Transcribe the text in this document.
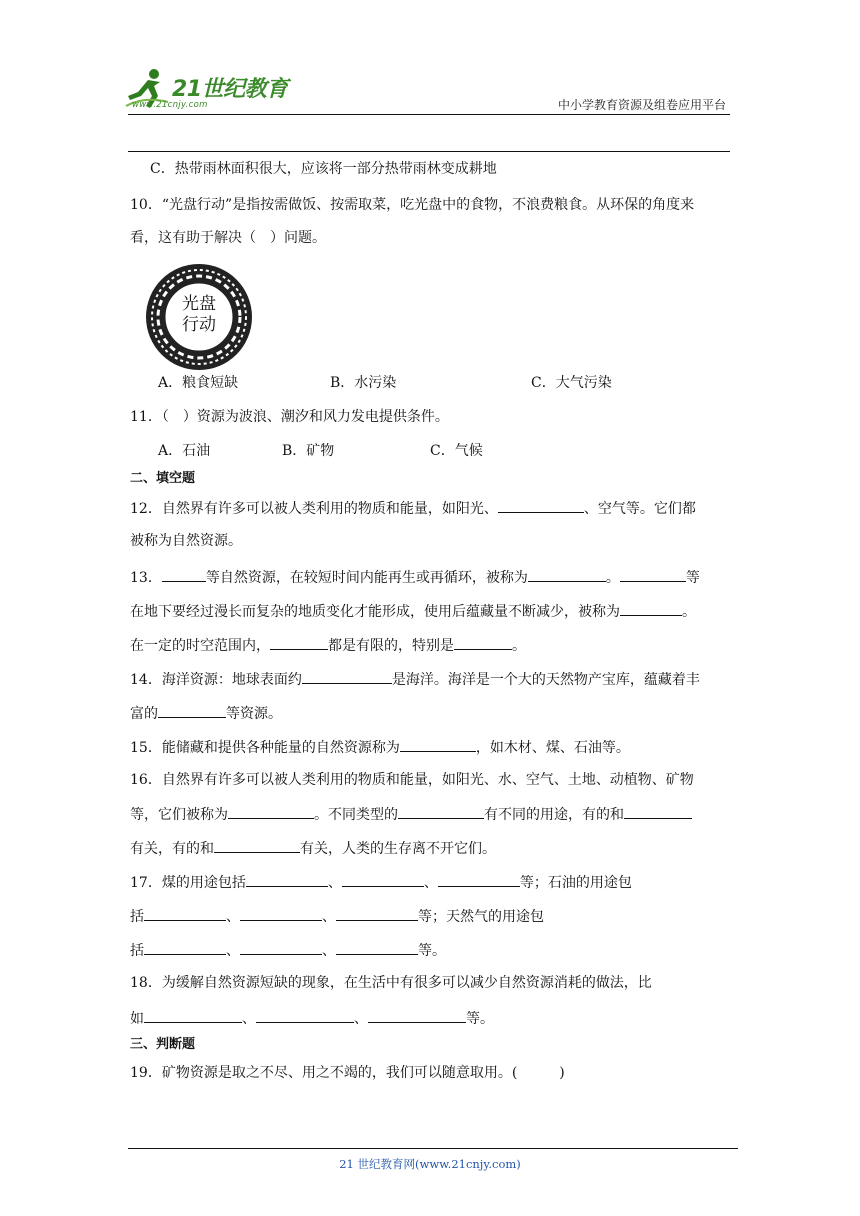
21世纪教育
www.21cnjy.com	中小学教育资源及组卷应用平台
C．热带雨林面积很大，应该将一部分热带雨林变成耕地
10．“光盘行动”是指按需做饭、按需取菜，吃光盘中的食物，不浪费粮食。从环保的角度来
看，这有助于解决（　）问题。
光盘
行动
A．粮食短缺	B．水污染	C．大气污染
11．（　）资源为波浪、潮汐和风力发电提供条件。
A．石油	B．矿物	C．气候
二、填空题
12．自然界有许多可以被人类利用的物质和能量，如阳光、	、空气等。它们都
被称为自然资源。
13．	等自然资源，在较短时间内能再生或再循环，被称为	。	等
在地下要经过漫长而复杂的地质变化才能形成，使用后蕴藏量不断减少，被称为	。
在一定的时空范围内，	都是有限的，特别是	。
14．海洋资源：地球表面约	是海洋。海洋是一个大的天然物产宝库，蕴藏着丰
富的	等资源。
15．能储藏和提供各种能量的自然资源称为	，如木材、煤、石油等。
16．自然界有许多可以被人类利用的物质和能量，如阳光、水、空气、土地、动植物、矿物
等，它们被称为	。不同类型的	有不同的用途，有的和
有关，有的和	有关，人类的生存离不开它们。
17．煤的用途包括	、	、	等；石油的用途包
括	、	、	等；天然气的用途包
括	、	、	等。
18．为缓解自然资源短缺的现象，在生活中有很多可以减少自然资源消耗的做法，比
如	、	、	等。
三、判断题
19．矿物资源是取之不尽、用之不竭的，我们可以随意取用。(　　　)
21 世纪教育网(www.21cnjy.com)
